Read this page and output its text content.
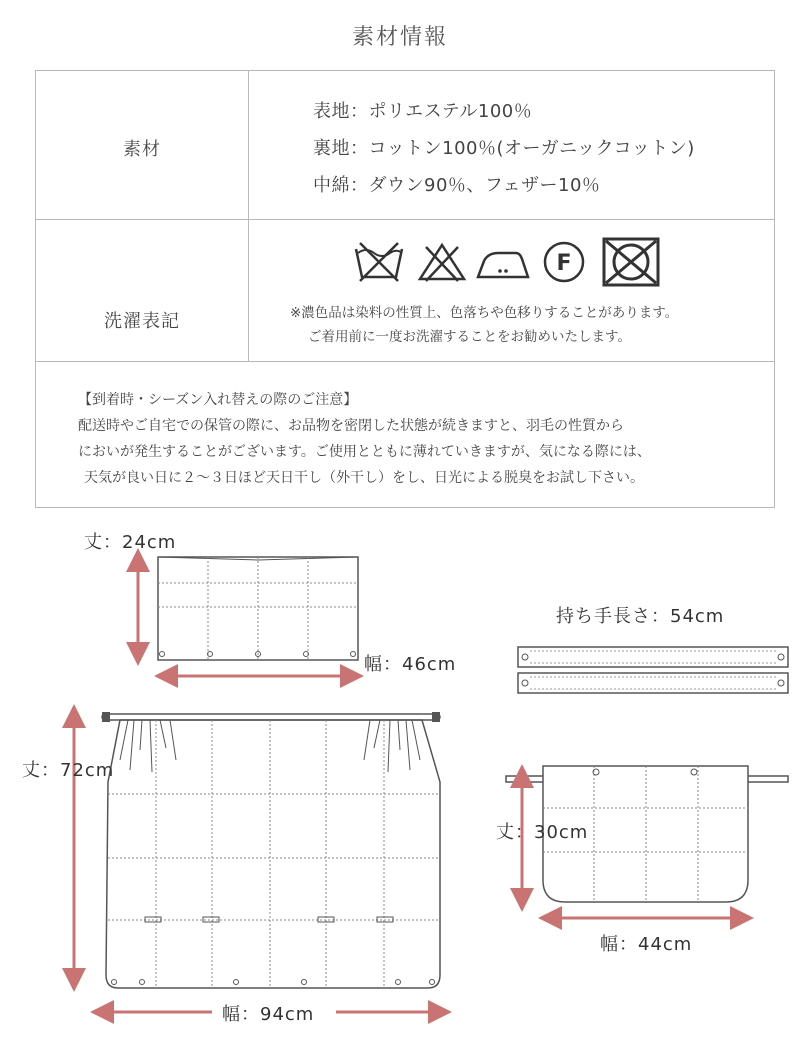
素材情報
素材
表地：ポリエステル100％
裏地：コットン100％(オーガニックコットン)
中綿：ダウン90％、フェザー10％
洗濯表記
F
※濃色品は染料の性質上、色落ちや色移りすることがあります。
ご着用前に一度お洗濯することをお勧めいたします。
【到着時・シーズン入れ替えの際のご注意】
配送時やご自宅での保管の際に、お品物を密閉した状態が続きますと、羽毛の性質から
においが発生することがございます。ご使用とともに薄れていきますが、気になる際には、
天気が良い日に２～３日ほど天日干し（外干し）をし、日光による脱臭をお試し下さい。
丈：24cm
幅：46cm
持ち手長さ：54cm
丈：72cm
幅：94cm
丈：30cm
幅：44cm
